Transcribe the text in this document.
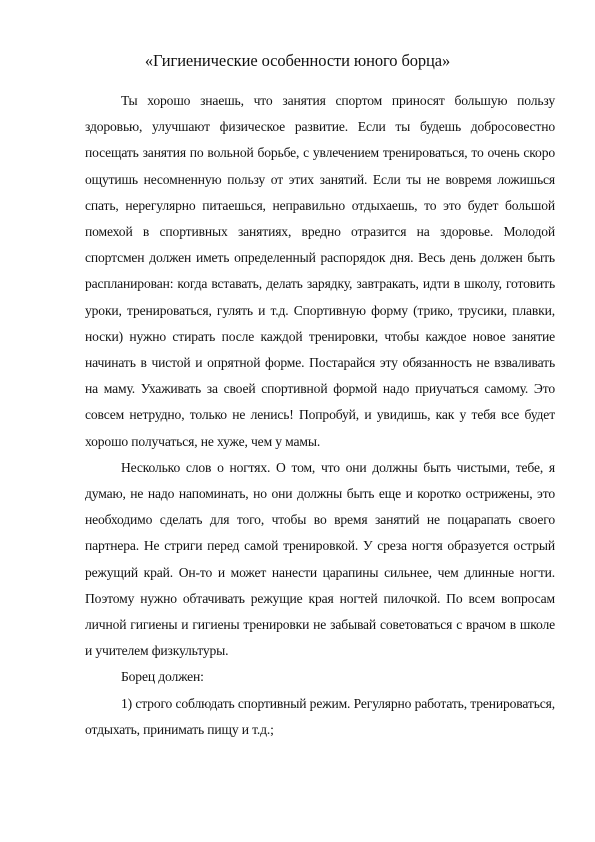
«Гигиенические особенности юного борца»

Ты хорошо знаешь, что занятия спортом приносят большую пользу здоровью, улучшают физическое развитие. Если ты будешь добросовестно посещать занятия по вольной борьбе, с увлечением тренироваться, то очень скоро ощутишь несомненную пользу от этих занятий. Если ты не вовремя ложишься спать, нерегулярно питаешься, неправильно отдыхаешь, то это будет большой помехой в спортивных занятиях, вредно отразится на здоровье. Молодой спортсмен должен иметь определенный распорядок дня. Весь день должен быть распланирован: когда вставать, делать зарядку, завтракать, идти в школу, готовить уроки, тренироваться, гулять и т.д. Спортивную форму (трико, трусики, плавки, носки) нужно стирать после каждой тренировки, чтобы каждое новое занятие начинать в чистой и опрятной форме. Постарайся эту обязанность не взваливать на маму. Ухаживать за своей спортивной формой надо приучаться самому. Это совсем нетрудно, только не ленись! Попробуй, и увидишь, как у тебя все будет хорошо получаться, не хуже, чем у мамы.

Несколько слов о ногтях. О том, что они должны быть чистыми, тебе, я думаю, не надо напоминать, но они должны быть еще и коротко острижены, это необходимо сделать для того, чтобы во время занятий не поцарапать своего партнера. Не стриги перед самой тренировкой. У среза ногтя образуется острый режущий край. Он-то и может нанести царапины сильнее, чем длинные ногти. Поэтому нужно обтачивать режущие края ногтей пилочкой. По всем вопросам личной гигиены и гигиены тренировки не забывай советоваться с врачом в школе и учителем физкультуры.

Борец должен:

1) строго соблюдать спортивный режим. Регулярно работать, тренироваться, отдыхать, принимать пищу и т.д.;
